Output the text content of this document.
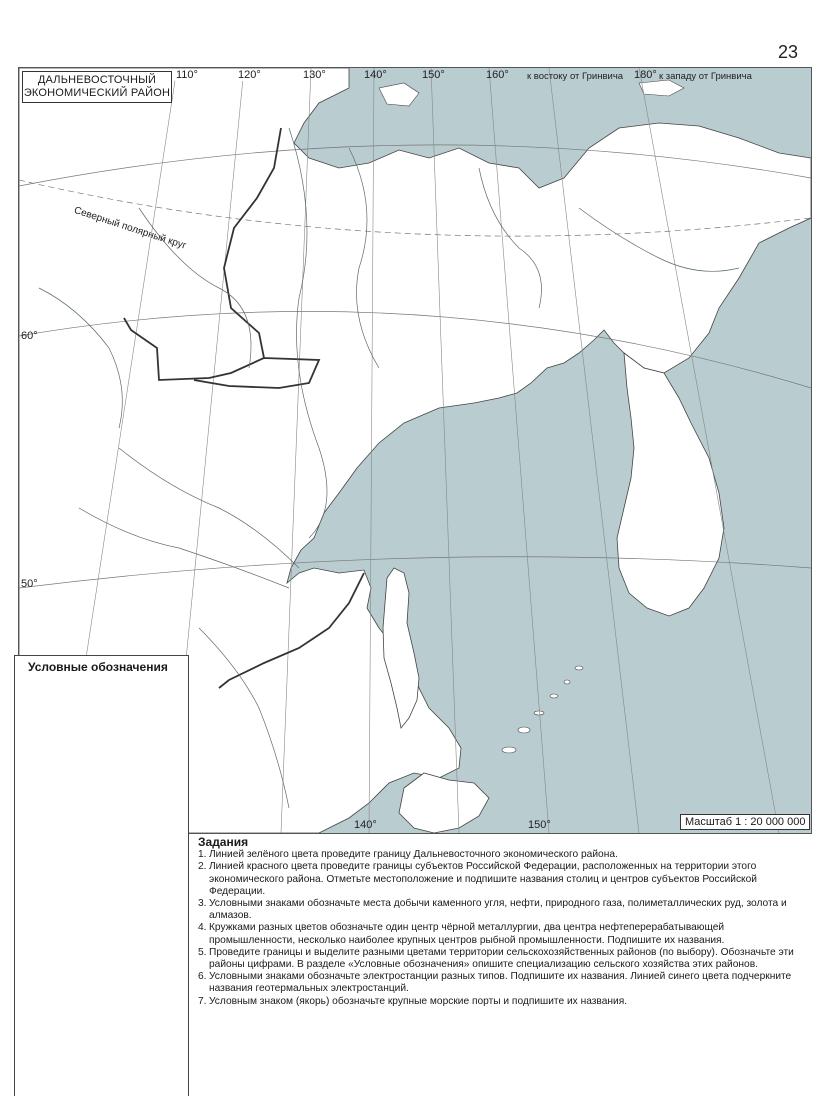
23
110°	120°	130°	140°	150°	160° к востоку от Гринвича 180° к западу от Гринвича
60°
50°
140°	150°
Северный полярный круг
ДАЛЬНЕВОСТОЧНЫЙ
ЭКОНОМИЧЕСКИЙ РАЙОН
Масштаб 1 : 20 000 000
Условные обозначения
Задания
1. Линией зелёного цвета проведите границу Дальневосточного экономического района.
2. Линией красного цвета проведите границы субъектов Российской Федерации, расположенных на территории этого экономического района. Отметьте местоположение и подпишите названия столиц и центров субъектов Российской Федерации.
3. Условными знаками обозначьте места добычи каменного угля, нефти, природного газа, полиметаллических руд, золота и алмазов.
4. Кружками разных цветов обозначьте один центр чёрной металлургии, два центра нефтеперерабатывающей промышленности, несколько наиболее крупных центров рыбной промышленности. Подпишите их названия.
5. Проведите границы и выделите разными цветами территории сельскохозяйственных районов (по выбору). Обозначьте эти районы цифрами. В разделе «Условные обозначения» опишите специализацию сельского хозяйства этих районов.
6. Условными знаками обозначьте электростанции разных типов. Подпишите их названия. Линией синего цвета подчеркните названия геотермальных электростанций.
7. Условным знаком (якорь) обозначьте крупные морские порты и подпишите их названия.
